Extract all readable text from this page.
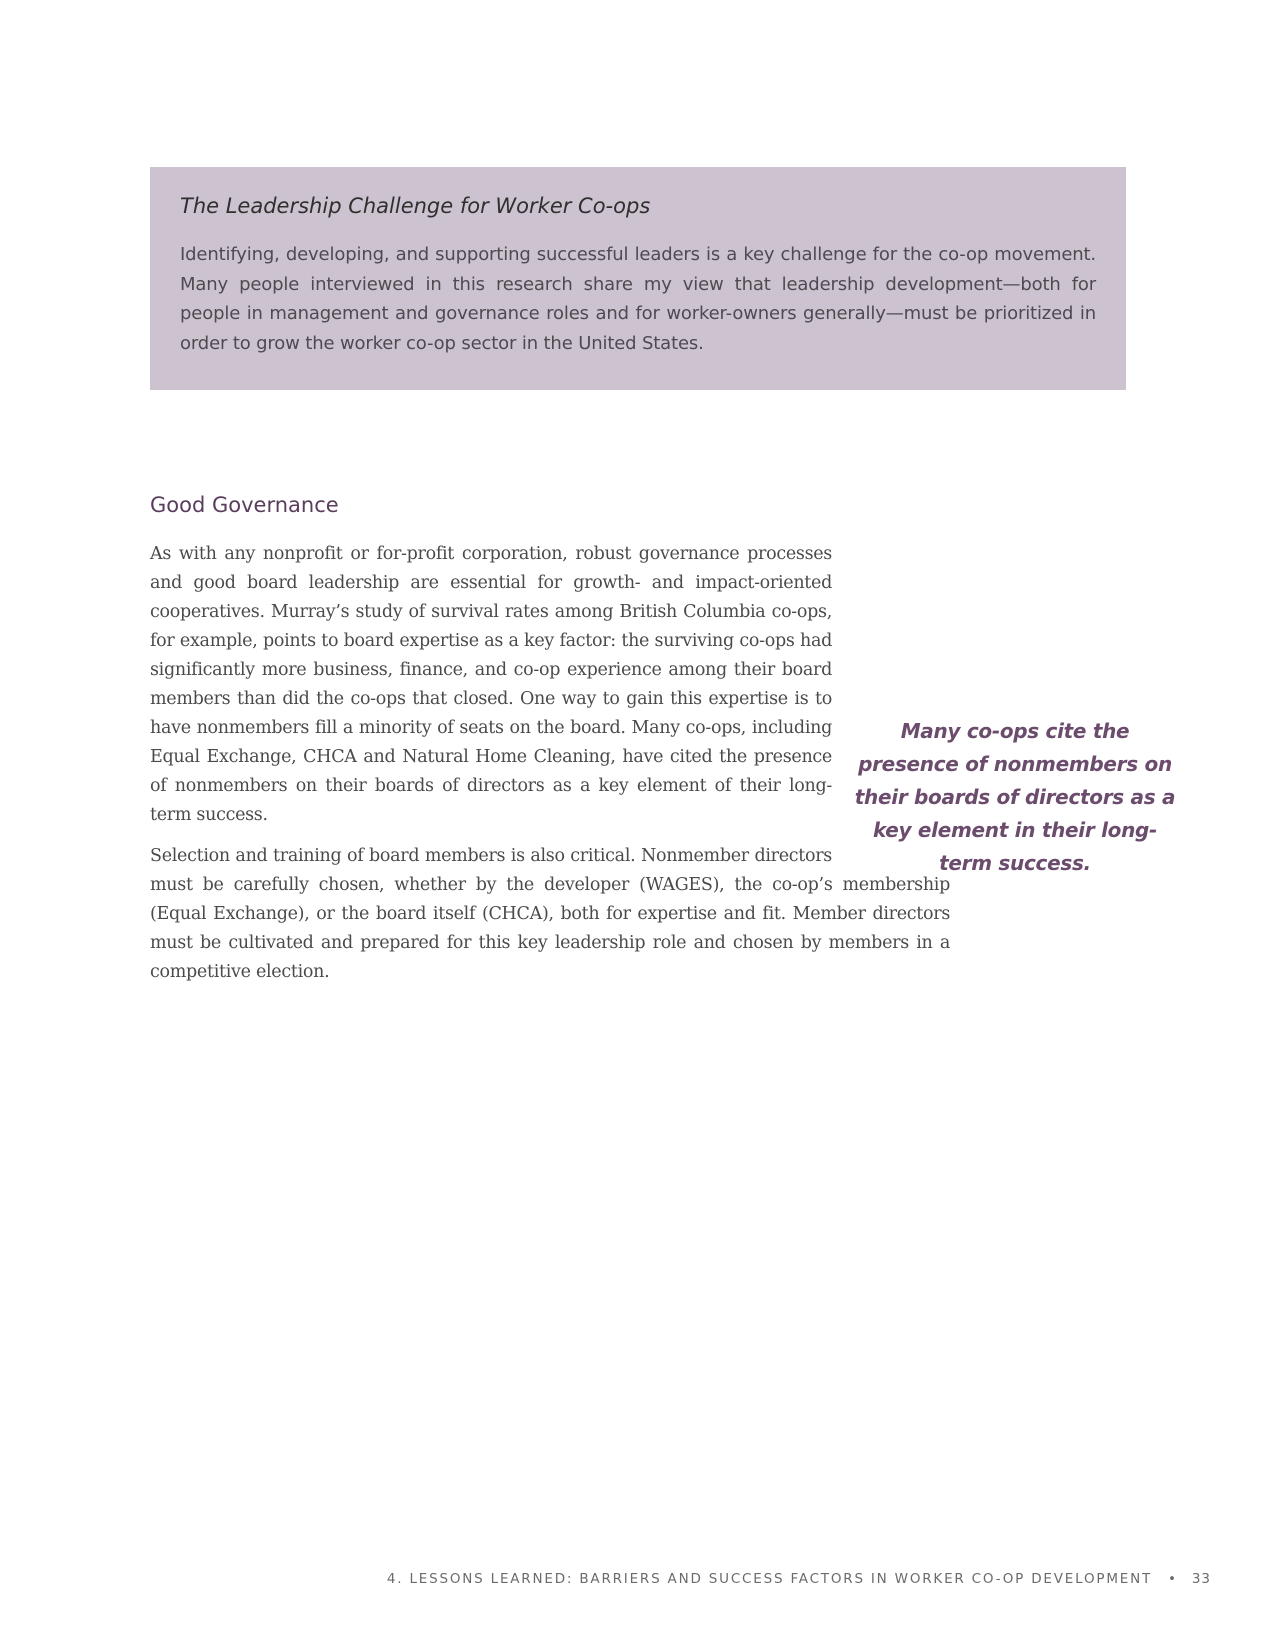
The Leadership Challenge for Worker Co-ops

Identifying, developing, and supporting successful leaders is a key challenge for the co-op movement. Many people interviewed in this research share my view that leadership development—both for people in management and governance roles and for worker-owners generally—must be prioritized in order to grow the worker co-op sector in the United States.

Good Governance

As with any nonprofit or for-profit corporation, robust governance processes and good board leadership are essential for growth- and impact-oriented cooperatives. Murray’s study of survival rates among British Columbia co-ops, for example, points to board expertise as a key factor: the surviving co-ops had significantly more business, finance, and co-op experience among their board members than did the co-ops that closed. One way to gain this expertise is to have nonmembers fill a minority of seats on the board. Many co-ops, including Equal Exchange, CHCA and Natural Home Cleaning, have cited the presence of nonmembers on their boards of directors as a key element of their long-term success.

Selection and training of board members is also critical. Nonmember directors must be carefully chosen, whether by the developer (WAGES), the co-op’s membership (Equal Exchange), or the board itself (CHCA), both for expertise and fit. Member directors must be cultivated and prepared for this key leadership role and chosen by members in a competitive election.

Many co-ops cite the presence of nonmembers on their boards of directors as a key element in their long-term success.

4. LESSONS LEARNED: BARRIERS AND SUCCESS FACTORS IN WORKER CO-OP DEVELOPMENT • 33
